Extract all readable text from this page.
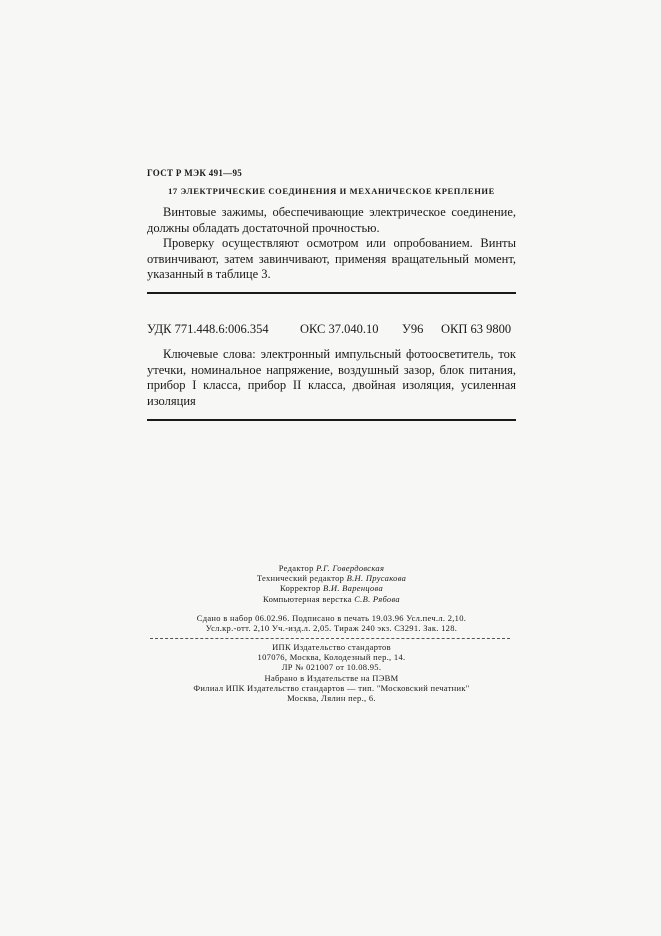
ГОСТ Р МЭК 491—95
17 ЭЛЕКТРИЧЕСКИЕ СОЕДИНЕНИЯ И МЕХАНИЧЕСКОЕ КРЕПЛЕНИЕ

Винтовые зажимы, обеспечивающие электрическое соединение, должны обладать достаточной прочностью.

Проверку осуществляют осмотром или опробованием. Винты отвинчивают, затем завинчивают, применяя вращательный момент, указанный в таблице 3.

УДК 771.448.6:006.354	ОКС 37.040.10 У96 ОКП 63 9800

Ключевые слова: электронный импульсный фотоосветитель, ток утечки, номинальное напряжение, воздушный зазор, блок питания, прибор I класса, прибор II класса, двойная изоляция, усиленная изоляция

Редактор Р.Г. Говердовская
Технический редактор В.Н. Прусакова
Корректор В.И. Варенцова
Компьютерная верстка С.В. Рябова
Сдано в набор 06.02.96. Подписано в печать 19.03.96 Усл.печ.л. 2,10.
Усл.кр.-отт. 2,10 Уч.-изд.л. 2,05. Тираж 240 экз. С3291. Зак. 128.
ИПК Издательство стандартов
107076, Москва, Колодезный пер., 14.
ЛР № 021007 от 10.08.95.
Набрано в Издательстве на ПЭВМ
Филиал ИПК Издательство стандартов — тип. "Московский печатник"
Москва, Лялин пер., 6.
